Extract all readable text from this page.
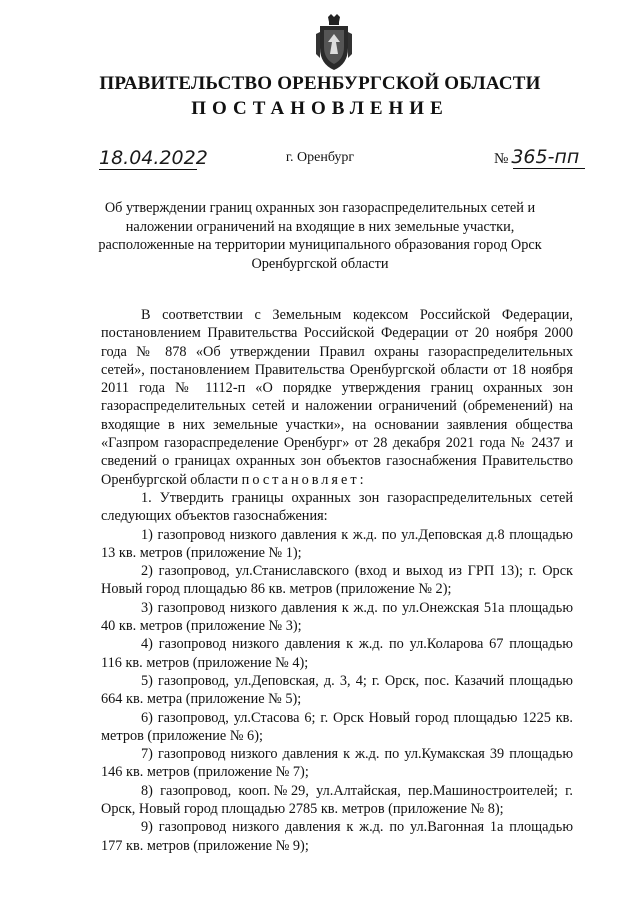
ПРАВИТЕЛЬСТВО ОРЕНБУРГСКОЙ ОБЛАСТИ
ПОСТАНОВЛЕНИЕ
18.04.2022	г. Оренбург	№ 365-пп
Об утверждении границ охранных зон газораспределительных сетей и наложении ограничений на входящие в них земельные участки, расположенные на территории муниципального образования город Орск Оренбургской области

В соответствии с Земельным кодексом Российской Федерации, постановлением Правительства Российской Федерации от 20 ноября 2000 года № 878 «Об утверждении Правил охраны газораспределительных сетей», постановлением Правительства Оренбургской области от 18 ноября 2011 года № 1112-п «О порядке утверждения границ охранных зон газораспределительных сетей и наложении ограничений (обременений) на входящие в них земельные участки», на основании заявления общества «Газпром газораспределение Оренбург» от 28 декабря 2021 года № 2437 и сведений о границах охранных зон объектов газоснабжения Правительство Оренбургской области постановляет:

1. Утвердить границы охранных зон газораспределительных сетей следующих объектов газоснабжения:

1) газопровод низкого давления к ж.д. по ул.Деповская д.8 площадью 13 кв. метров (приложение № 1);

2) газопровод, ул.Станиславского (вход и выход из ГРП 13); г. Орск Новый город площадью 86 кв. метров (приложение № 2);

3) газопровод низкого давления к ж.д. по ул.Онежская 51а площадью 40 кв. метров (приложение № 3);

4) газопровод низкого давления к ж.д. по ул.Коларова 67 площадью 116 кв. метров (приложение № 4);

5) газопровод, ул.Деповская, д. 3, 4; г. Орск, пос. Казачий площадью 664 кв. метра (приложение № 5);

6) газопровод, ул.Стасова 6; г. Орск Новый город площадью 1225 кв. метров (приложение № 6);

7) газопровод низкого давления к ж.д. по ул.Кумакская 39 площадью 146 кв. метров (приложение № 7);

8) газопровод, кооп.№29, ул.Алтайская, пер.Машиностроителей; г. Орск, Новый город площадью 2785 кв. метров (приложение № 8);

9) газопровод низкого давления к ж.д. по ул.Вагонная 1а площадью 177 кв. метров (приложение № 9);
